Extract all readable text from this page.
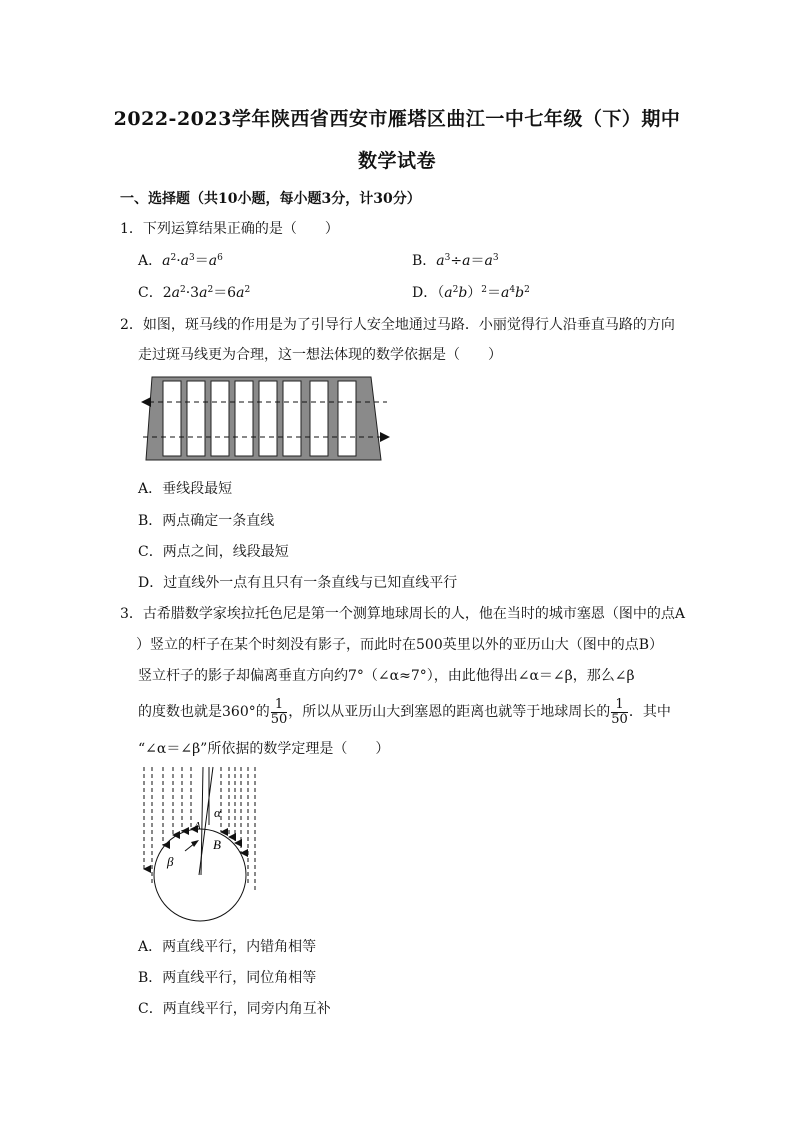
2022-2023学年陕西省西安市雁塔区曲江一中七年级（下）期中
数学试卷
一、选择题（共10小题，每小题3分，计30分）
1．下列运算结果正确的是（　　）
A．$a^2\cdot a^3=a^6$	B．$a^3\div a=a^3$
C．$2a^2\cdot 3a^2=6a^2$	D．$(a^2b)^2=a^4b^2$
2．如图，斑马线的作用是为了引导行人安全地通过马路．小丽觉得行人沿垂直马路的方向
走过斑马线更为合理，这一想法体现的数学依据是（　　）
A．垂线段最短
B．两点确定一条直线
C．两点之间，线段最短
D．过直线外一点有且只有一条直线与已知直线平行
3．古希腊数学家埃拉托色尼是第一个测算地球周长的人，他在当时的城市塞恩（图中的点A
）竖立的杆子在某个时刻没有影子，而此时在500英里以外的亚历山大（图中的点B）
竖立杆子的影子却偏离垂直方向约7°（∠α≈7°），由此他得出∠α＝∠β，那么∠β
的度数也就是360°的 $\frac{1}{50}$ ，所以从亚历山大到塞恩的距离也就等于地球周长的 $\frac{1}{50}$ ．其中
“∠α＝∠β”所依据的数学定理是（　　）
A
B
α
β
A．两直线平行，内错角相等
B．两直线平行，同位角相等
C．两直线平行，同旁内角互补
